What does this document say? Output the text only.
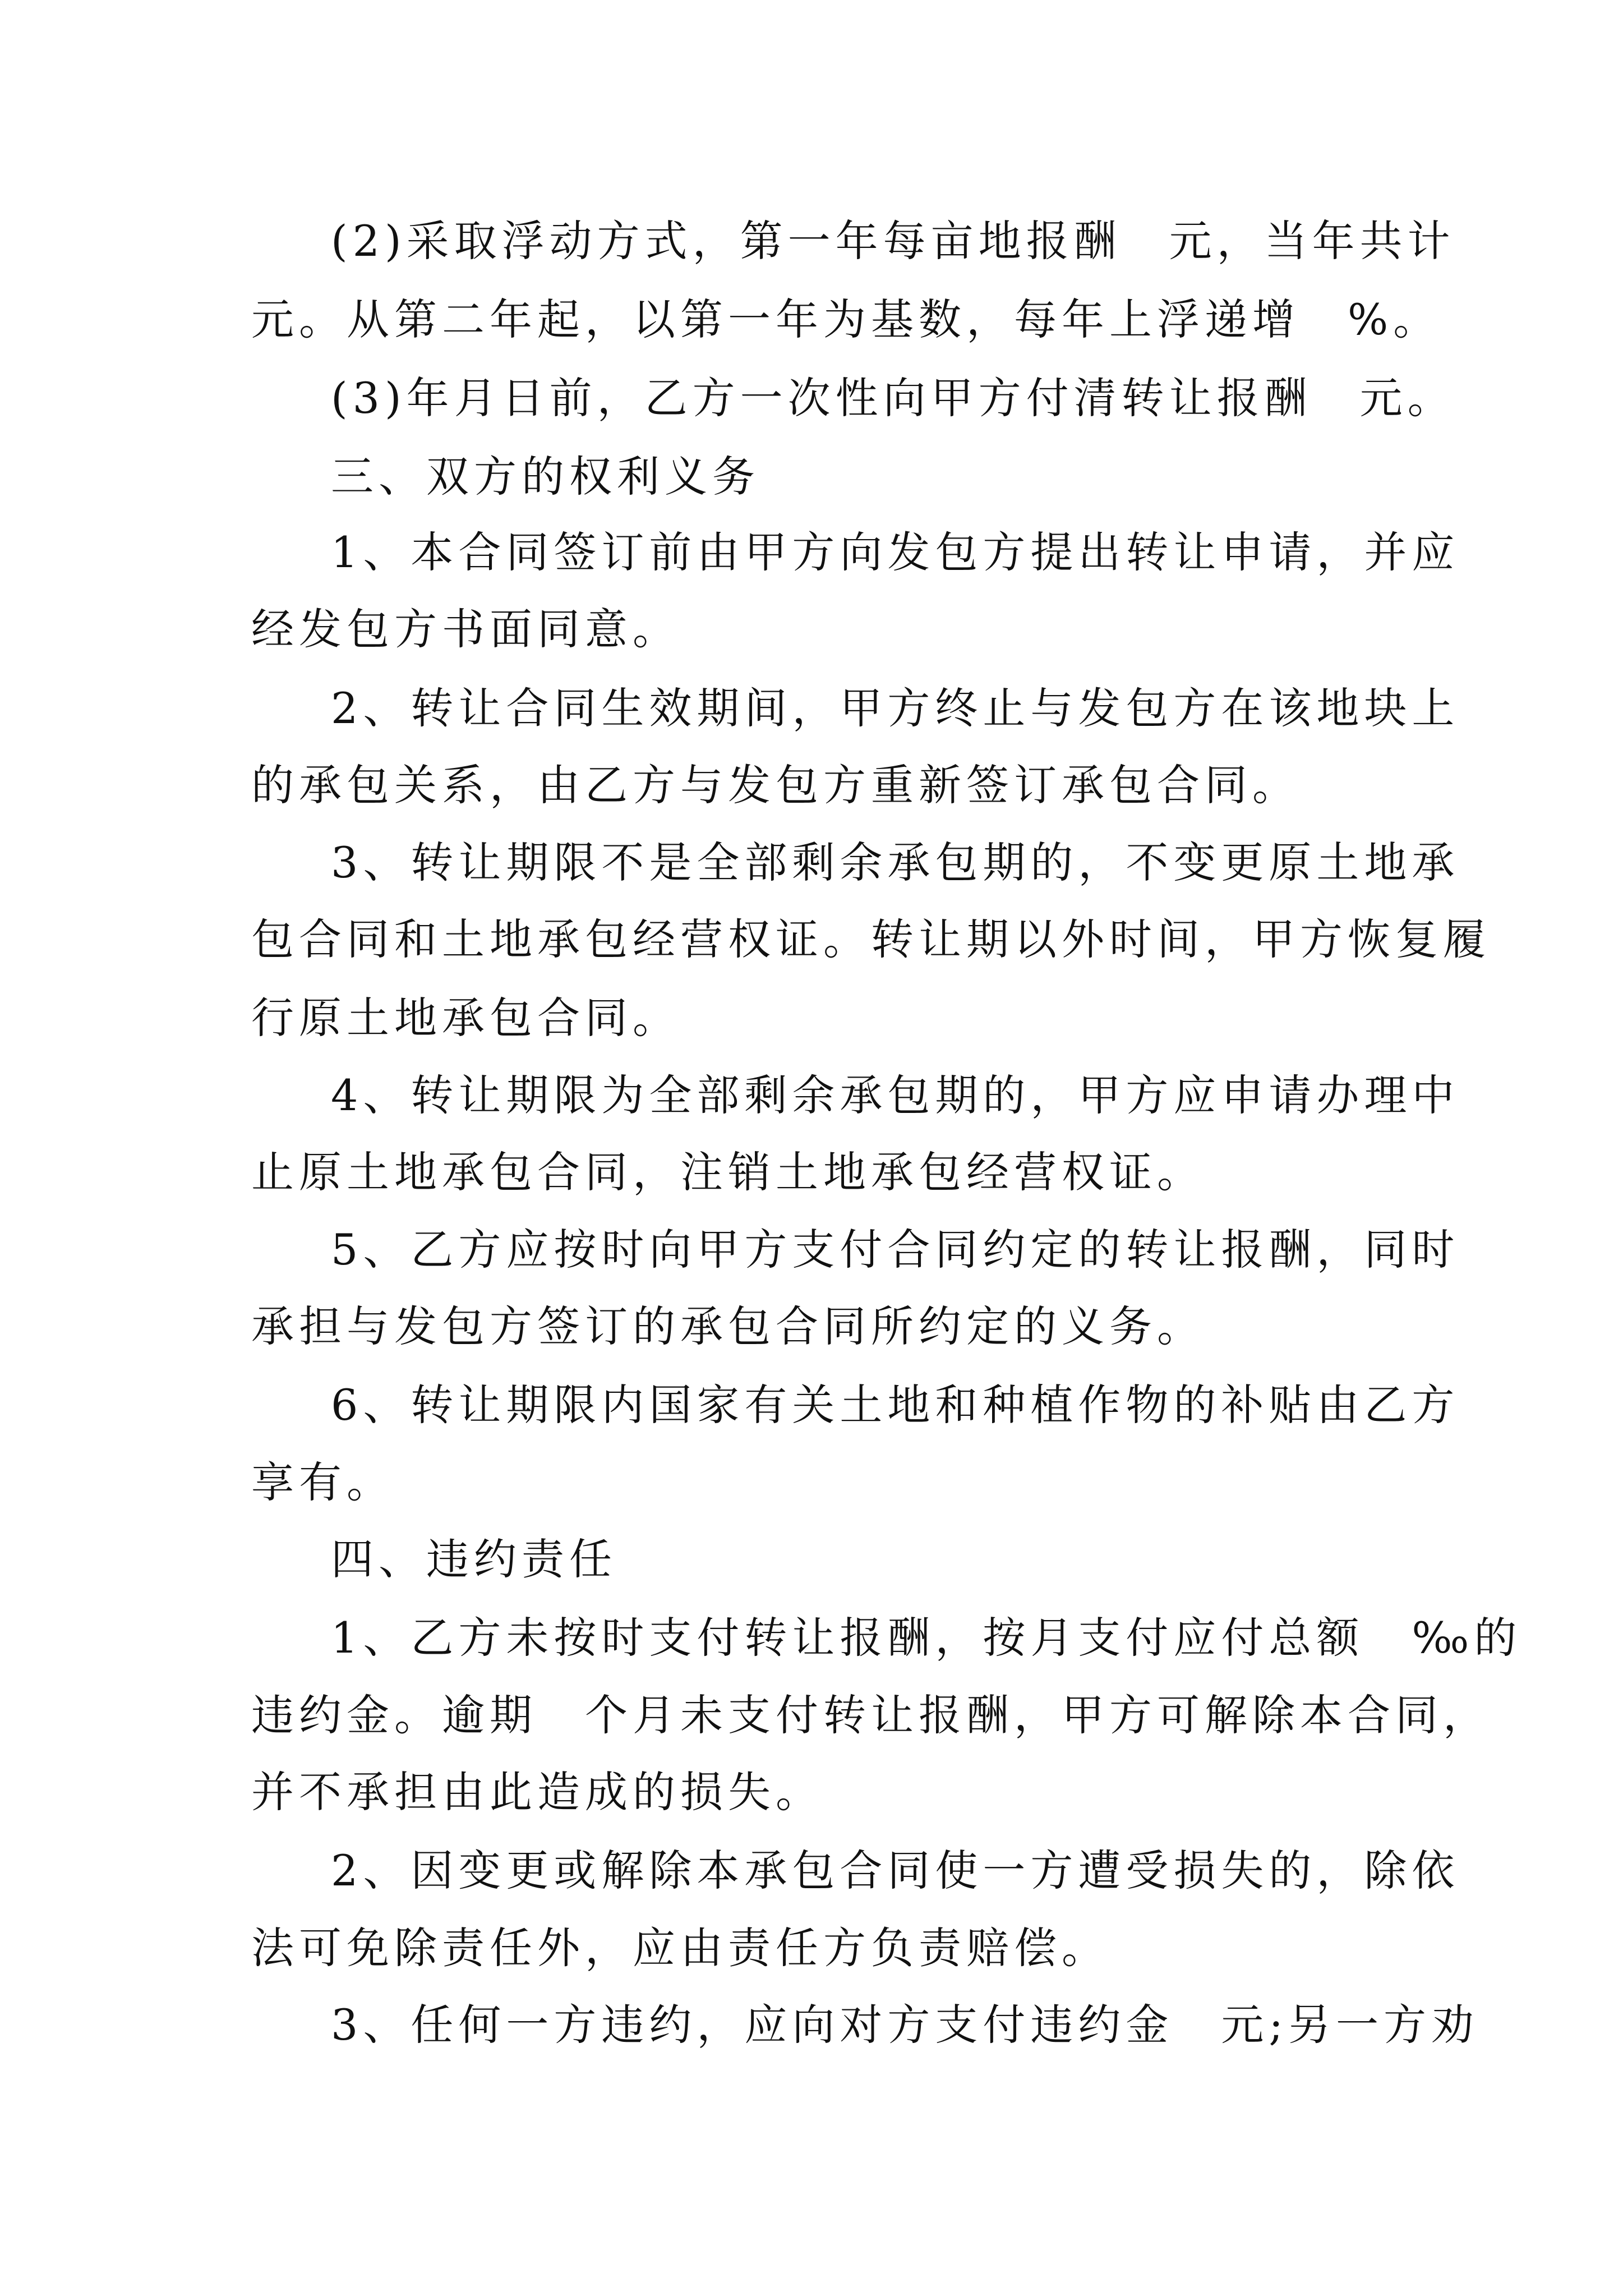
(2)采取浮动方式，第一年每亩地报酬　元，当年共计
元。从第二年起，以第一年为基数，每年上浮递增　%。
(3)年月日前，乙方一次性向甲方付清转让报酬　元。
三、双方的权利义务
1、本合同签订前由甲方向发包方提出转让申请，并应
经发包方书面同意。
2、转让合同生效期间，甲方终止与发包方在该地块上
的承包关系，由乙方与发包方重新签订承包合同。
3、转让期限不是全部剩余承包期的，不变更原土地承
包合同和土地承包经营权证。转让期以外时间，甲方恢复履
行原土地承包合同。
4、转让期限为全部剩余承包期的，甲方应申请办理中
止原土地承包合同，注销土地承包经营权证。
5、乙方应按时向甲方支付合同约定的转让报酬，同时
承担与发包方签订的承包合同所约定的义务。
6、转让期限内国家有关土地和种植作物的补贴由乙方
享有。
四、违约责任
1、乙方未按时支付转让报酬，按月支付应付总额　‰的
违约金。逾期　个月未支付转让报酬，甲方可解除本合同，
并不承担由此造成的损失。
2、因变更或解除本承包合同使一方遭受损失的，除依
法可免除责任外，应由责任方负责赔偿。
3、任何一方违约，应向对方支付违约金　元;另一方劝
